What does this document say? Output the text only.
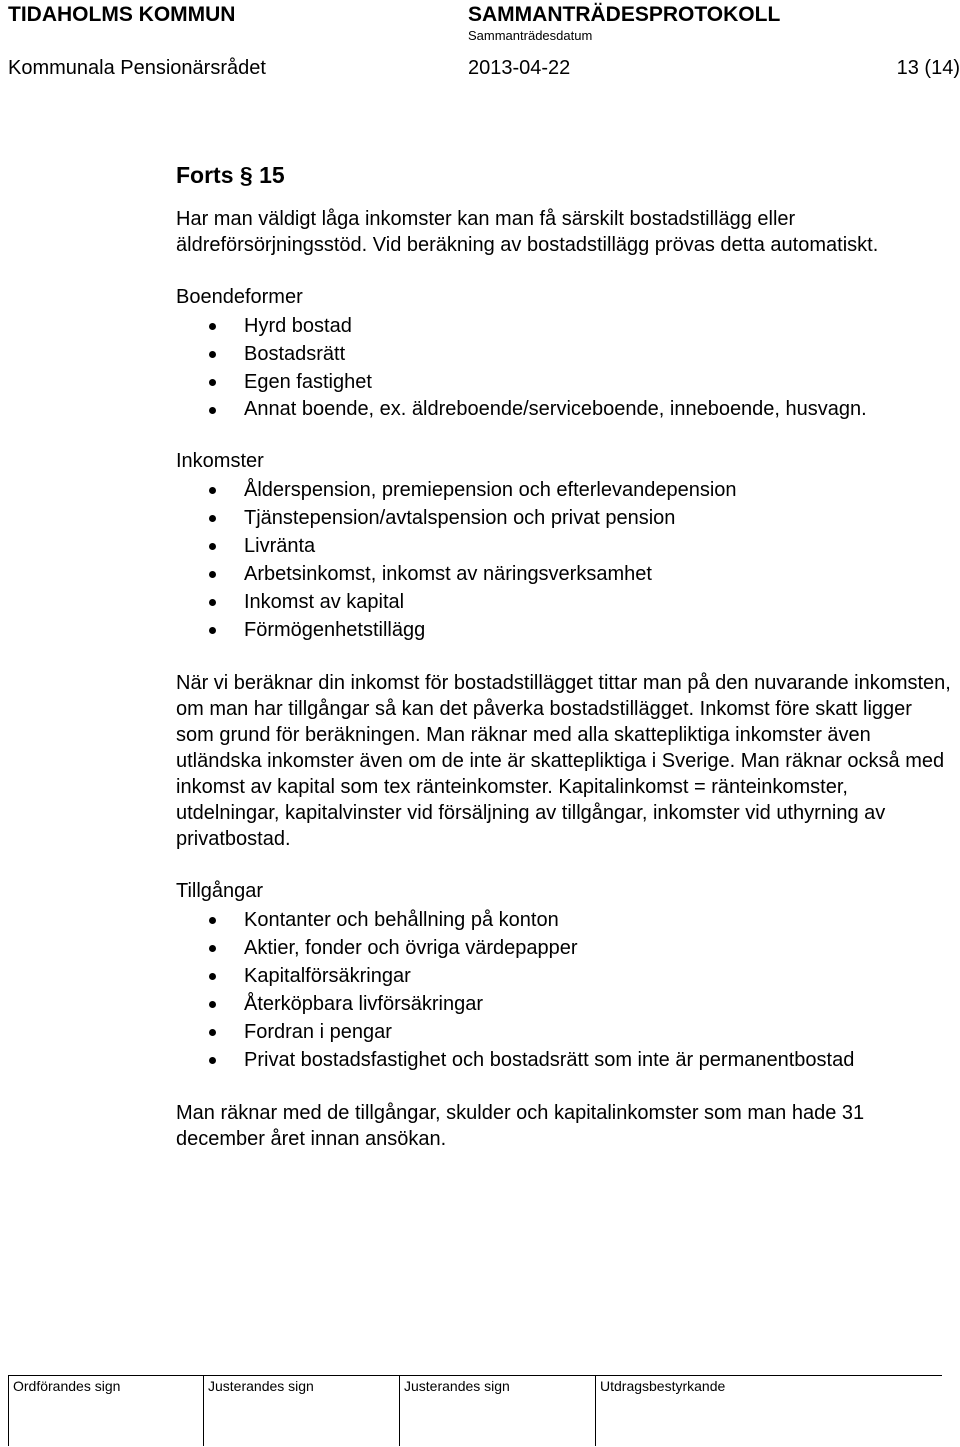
TIDAHOLMS KOMMUN	SAMMANTRÄDESPROTOKOLL
Sammanträdesdatum
Kommunala Pensionärsrådet	2013-04-22	13 (14)
Forts § 15

Har man väldigt låga inkomster kan man få särskilt bostadstillägg eller äldreförsörjningsstöd. Vid beräkning av bostadstillägg prövas detta automatiskt.

Boendeformer

Hyrd bostad
Bostadsrätt
Egen fastighet
Annat boende, ex. äldreboende/serviceboende, inneboende, husvagn.

Inkomster

Ålderspension, premiepension och efterlevandepension
Tjänstepension/avtalspension och privat pension
Livränta
Arbetsinkomst, inkomst av näringsverksamhet
Inkomst av kapital
Förmögenhetstillägg

När vi beräknar din inkomst för bostadstillägget tittar man på den nuvarande inkomsten, om man har tillgångar så kan det påverka bostadstillägget. Inkomst före skatt ligger som grund för beräkningen. Man räknar med alla skattepliktiga inkomster även utländska inkomster även om de inte är skattepliktiga i Sverige. Man räknar också med inkomst av kapital som tex ränteinkomster. Kapitalinkomst = ränteinkomster, utdelningar, kapitalvinster vid försäljning av tillgångar, inkomster vid uthyrning av privatbostad.

Tillgångar

Kontanter och behållning på konton
Aktier, fonder och övriga värdepapper
Kapitalförsäkringar
Återköpbara livförsäkringar
Fordran i pengar
Privat bostadsfastighet och bostadsrätt som inte är permanentbostad

Man räknar med de tillgångar, skulder och kapitalinkomster som man hade 31 december året innan ansökan.

Ordförandes sign	Justerandes sign	Justerandes sign	Utdragsbestyrkande
